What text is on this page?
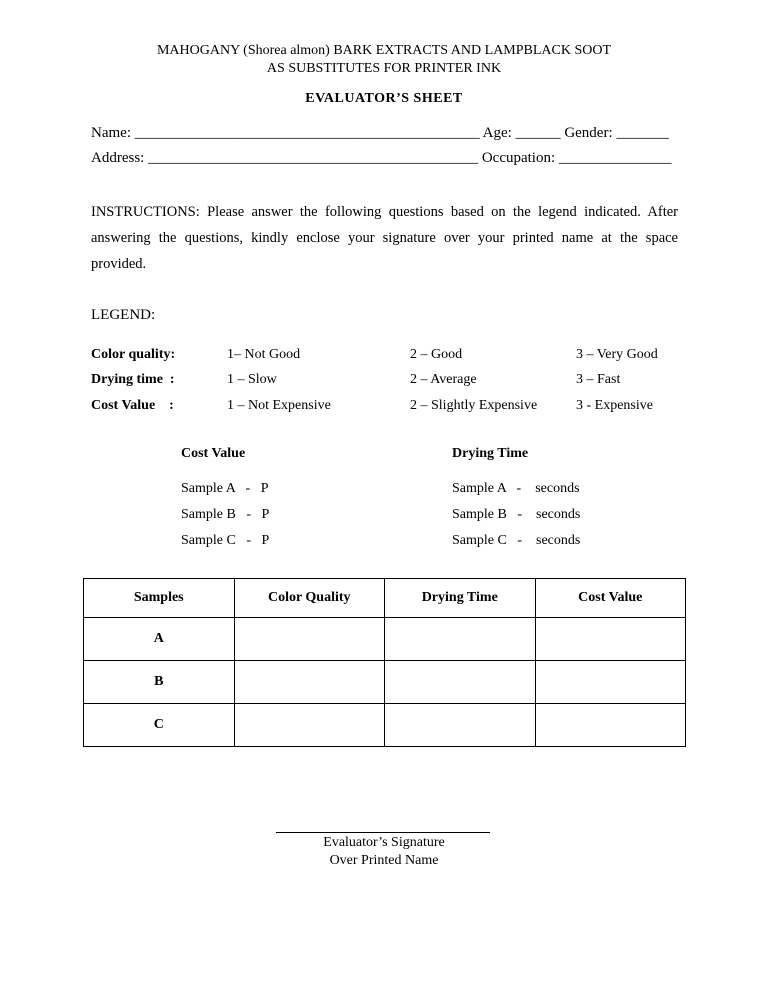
MAHOGANY (Shorea almon) BARK EXTRACTS AND LAMPBLACK SOOT
AS SUBSTITUTES FOR PRINTER INK
EVALUATOR’S SHEET
Name: ______________________________________________ Age: ______ Gender: _______
Address: ____________________________________________ Occupation: _______________
INSTRUCTIONS: Please answer the following questions based on the legend indicated. After answering the questions, kindly enclose your signature over your printed name at the space provided.
LEGEND:
Color quality:	1– Not Good	2 – Good	3 – Very Good
Drying time  :	1 – Slow	2 – Average	3 – Fast
Cost Value    :	1 – Not Expensive	2 – Slightly Expensive	3 - Expensive
Cost Value
Sample A   -   P
Sample B   -   P
Sample C   -   P
Drying Time
Sample A   -    seconds
Sample B   -    seconds
Sample C   -    seconds
Samples	Color Quality	Drying Time	Cost Value
A			
B			
C			
Evaluator’s Signature
Over Printed Name
